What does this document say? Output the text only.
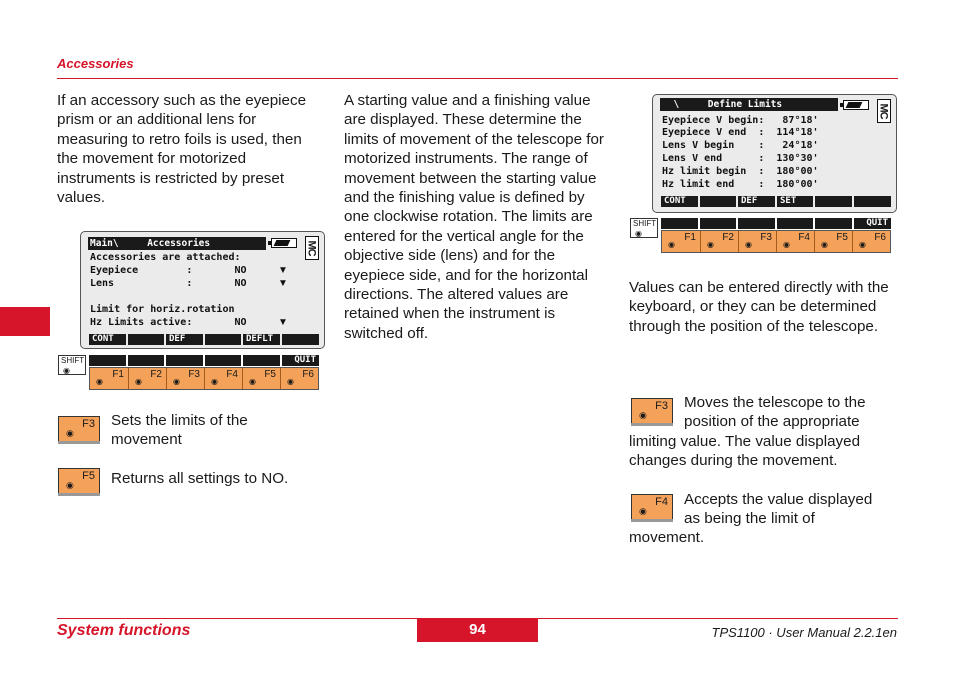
Accessories
If an accessory such as the eyepiece prism or an additional lens for measuring to retro foils is used, then the movement for motorized instruments is restricted by preset values.
A starting value and a finishing value are displayed. These determine the limits of movement of the telescope for motorized instruments. The range of movement between the starting value and the finishing value is defined by one clockwise rotation. The limits are entered for the vertical angle for the objective side (lens) and for the eyepiece side, and for the horizontal directions. The altered values are retained when the instrument is switched off.
Values can be entered directly with the keyboard, or they can be determined through the position of the telescope.
Main\     Accessories	MC
Accessories are attached:
Eyepiece        :       NO	▼
Lens            :       NO	▼
Limit for horiz.rotation
Hz Limits active:       NO	▼
CONT	DEF	DEFLT
SHIFT
◉
QUIT
F1
◉
F2
◉
F3
◉
F4
◉
F5
◉
F6
◉
F3
◉
Sets the limits of the movement
F5
◉ Returns all settings to NO.
\     Define Limits	MC
Eyepiece V begin:   87°18'
Eyepiece V end  :  114°18'
Lens V begin    :   24°18'
Lens V end      :  130°30'
Hz limit begin  :  180°00'
Hz limit end    :  180°00'
CONT	DEF	SET
SHIFT
◉
QUIT
F1
◉
F2
◉
F3
◉
F4
◉
F5
◉
F6
◉
F3
◉
Moves the telescope to the
position of the appropriate
limiting value. The value displayed changes during the movement.
F4
◉
Accepts the value displayed
as being the limit of
movement.
System functions	94	TPS1100 · User Manual 2.2.1en
